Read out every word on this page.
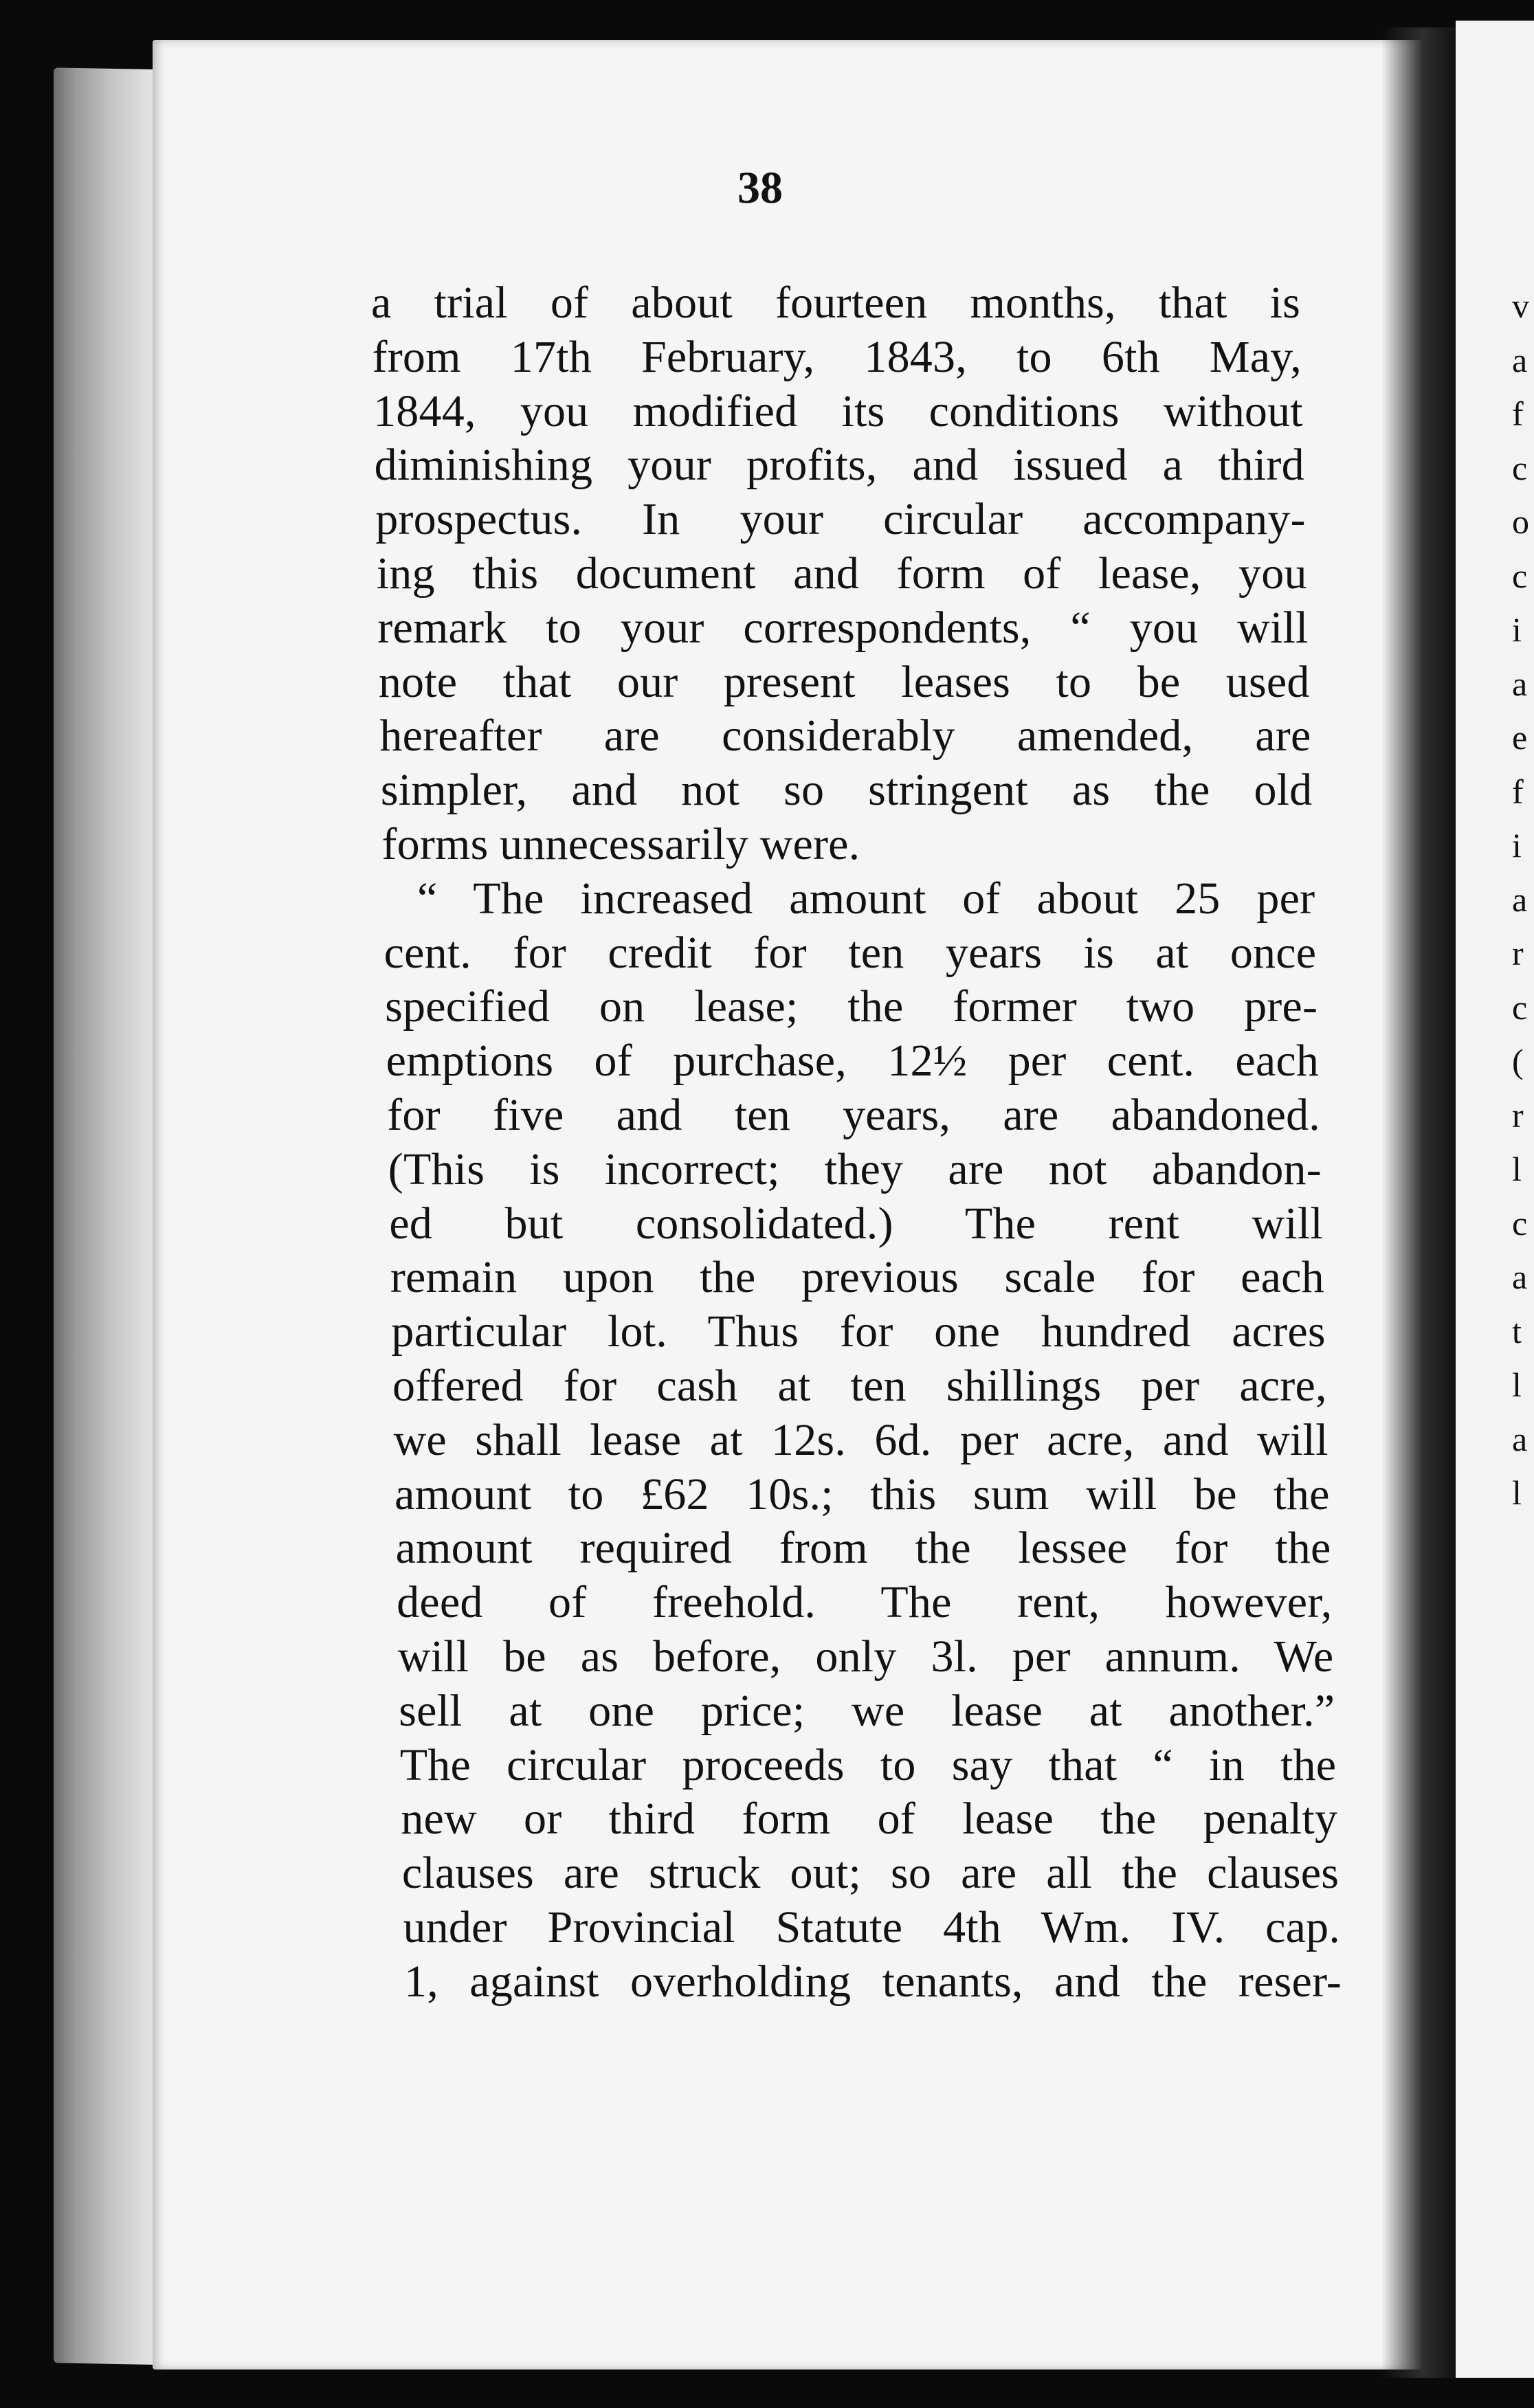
v
a
f
c
o
c
i
a
e
f
i
a
r
c
(
r
l
c
a
t
l
a
l
38
a trial of about fourteen months, that is
from 17th February, 1843, to 6th May,
1844, you modified its conditions without
diminishing your profits, and issued a third
prospectus. In your circular accompany-
ing this document and form of lease, you
remark to your correspondents, “ you will
note that our present leases to be used
hereafter are considerably amended, are
simpler, and not so stringent as the old
forms unnecessarily were.
“ The increased amount of about 25 per
cent. for credit for ten years is at once
specified on lease; the former two pre-
emptions of purchase, 12½ per cent. each
for five and ten years, are abandoned.
(This is incorrect; they are not abandon-
ed but consolidated.) The rent will
remain upon the previous scale for each
particular lot. Thus for one hundred acres
offered for cash at ten shillings per acre,
we shall lease at 12s. 6d. per acre, and will
amount to £62 10s.; this sum will be the
amount required from the lessee for the
deed of freehold. The rent, however,
will be as before, only 3l. per annum. We
sell at one price; we lease at another.”
The circular proceeds to say that “ in the
new or third form of lease the penalty
clauses are struck out; so are all the clauses
under Provincial Statute 4th Wm. IV. cap.
1, against overholding tenants, and the reser-
